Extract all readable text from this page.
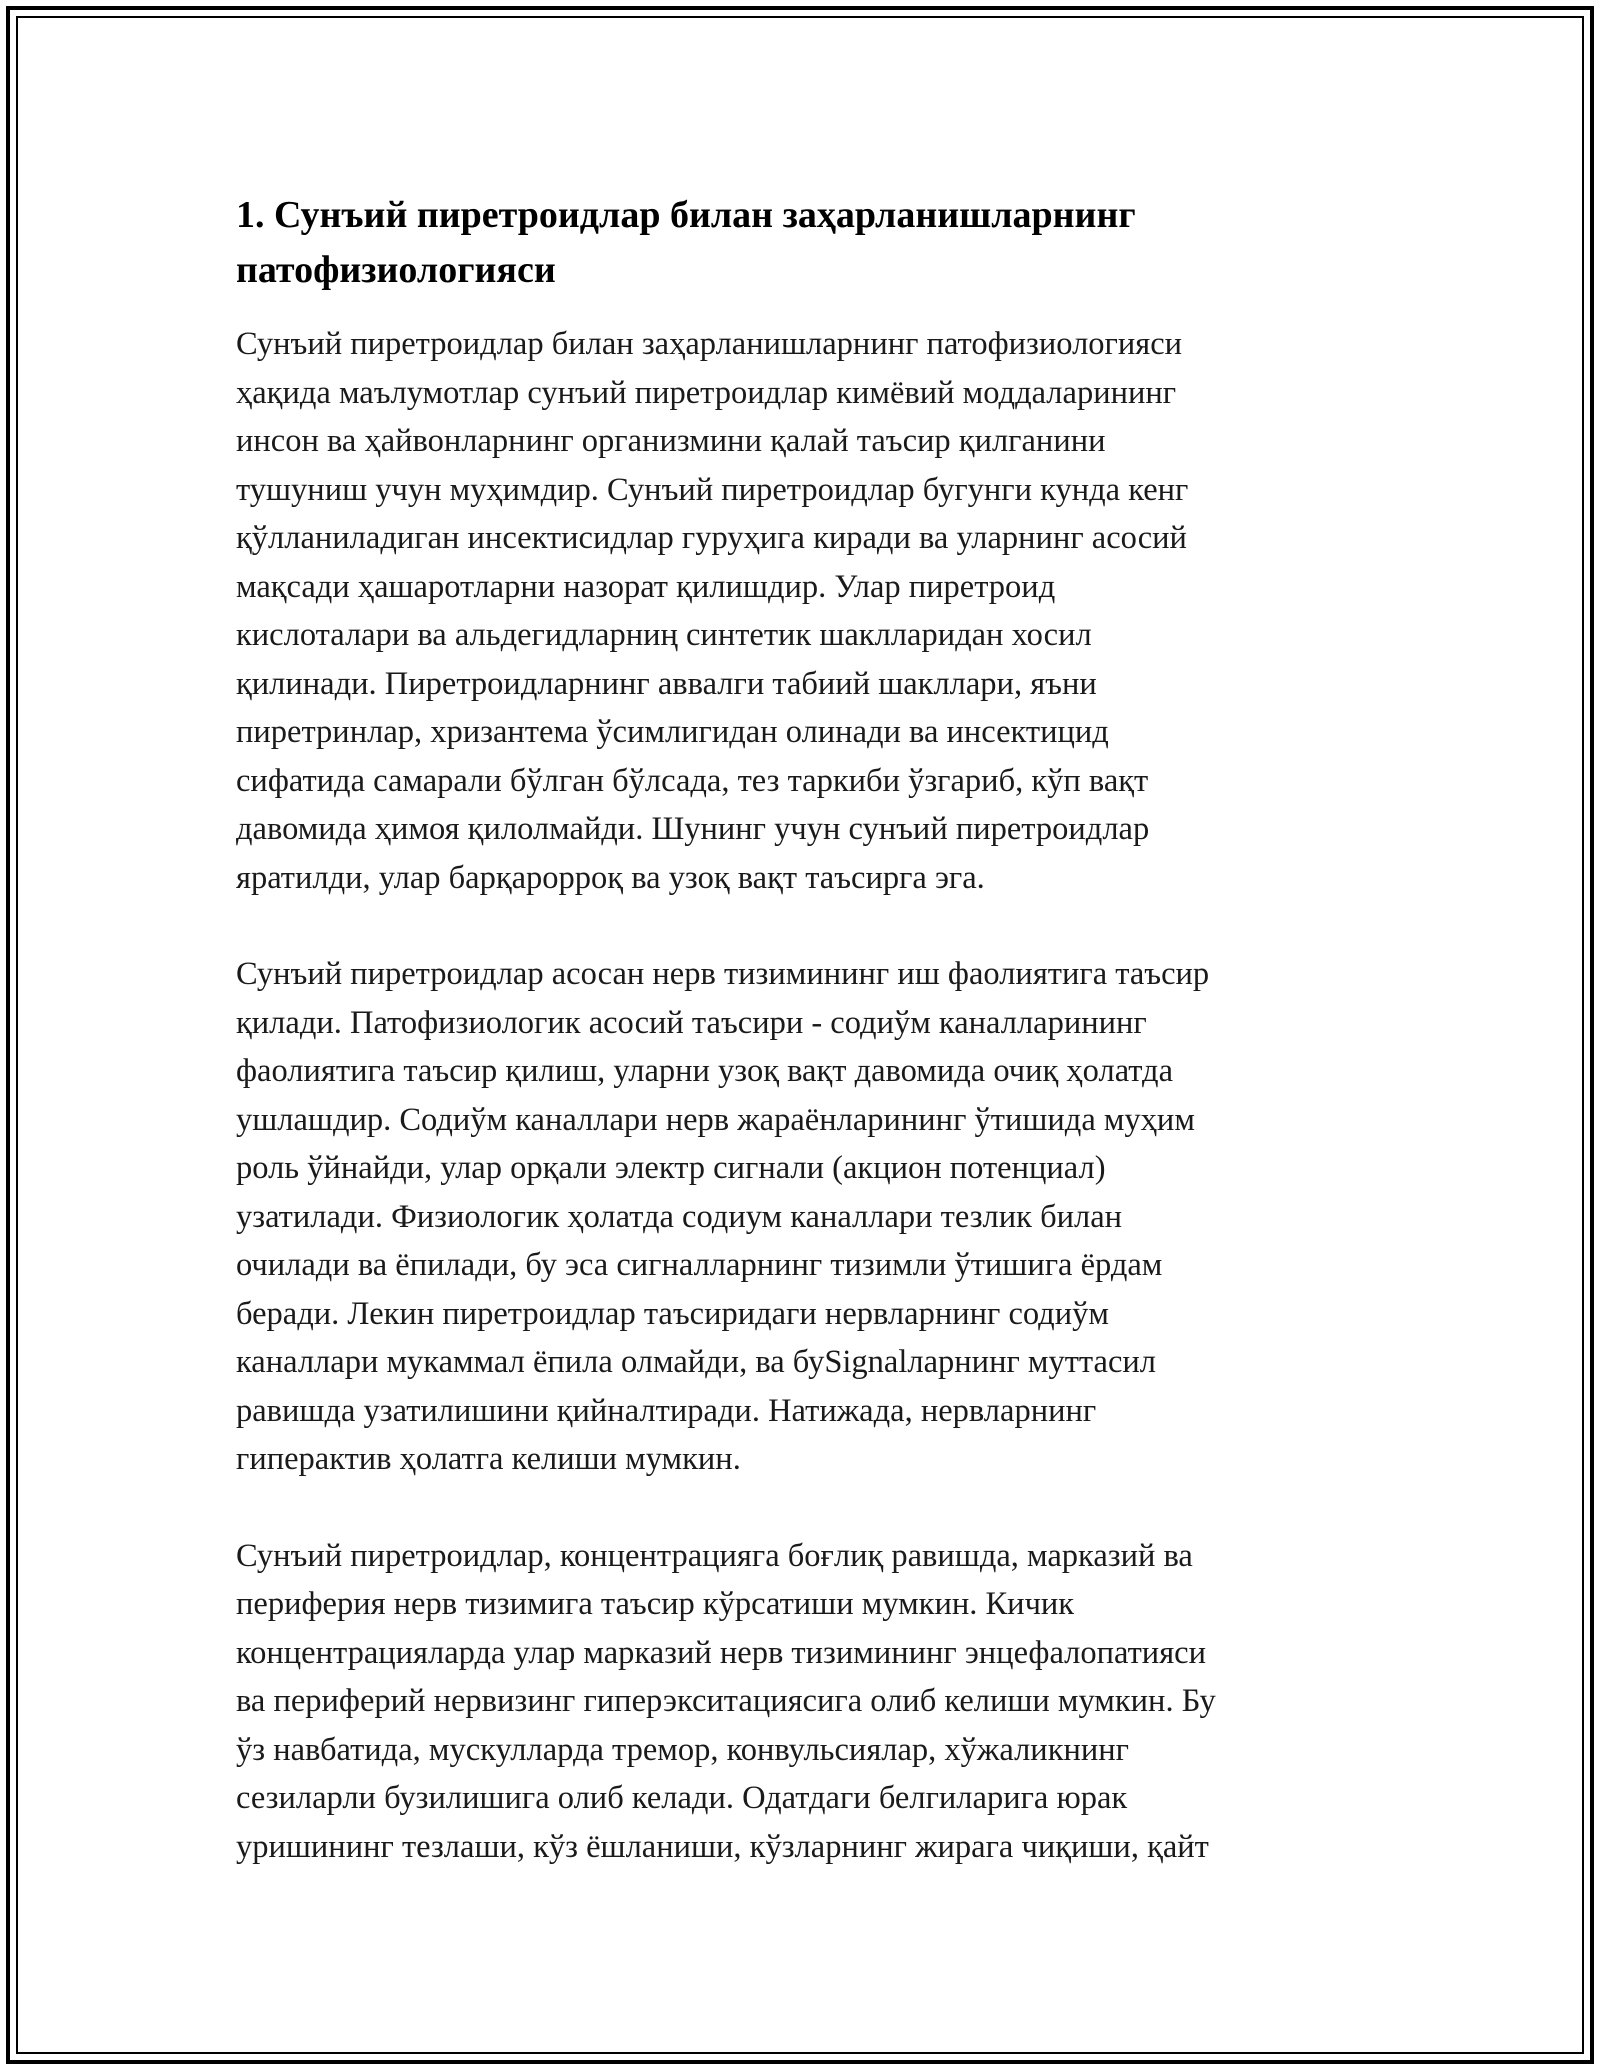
1. Сунъий пиретроидлар билан заҳарланишларнинг
патофизиологияси

Сунъий пиретроидлар билан заҳарланишларнинг патофизиологияси
ҳақида маълумотлар сунъий пиретроидлар кимёвий моддаларининг
инсон ва ҳайвонларнинг организмини қалай таъсир қилганини
тушуниш учун муҳимдир. Сунъий пиретроидлар бугунги кунда кенг
қўлланиладиган инсектисидлар гуруҳига киради ва уларнинг асосий
мақсади ҳашаротларни назорат қилишдир. Улар пиретроид
кислоталари ва альдегидларниң синтетик шаклларидан хосил
қилинади. Пиретроидларнинг аввалги табиий шакллари, яъни
пиретринлар, хризантема ўсимлигидан олинади ва инсектицид
сифатида самарали бўлган бўлсада, тез таркиби ўзгариб, кўп вақт
давомида ҳимоя қилолмайди. Шунинг учун сунъий пиретроидлар
яратилди, улар барқарорроқ ва узоқ вақт таъсирга эга.

Сунъий пиретроидлар асосан нерв тизимининг иш фаолиятига таъсир
қилади. Патофизиологик асосий таъсири - содиўм каналларининг
фаолиятига таъсир қилиш, уларни узоқ вақт давомида очиқ ҳолатда
ушлашдир. Содиўм каналлари нерв жараёнларининг ўтишида муҳим
роль ўйнайди, улар орқали электр сигнали (акцион потенциал)
узатилади. Физиологик ҳолатда содиум каналлари тезлик билан
очилади ва ёпилади, бу эса сигналларнинг тизимли ўтишига ёрдам
беради. Лекин пиретроидлар таъсиридаги нервларнинг содиўм
каналлари мукаммал ёпила олмайди, ва буSignalларнинг муттасил
равишда узатилишини қийналтиради. Натижада, нервларнинг
гиперактив ҳолатга келиши мумкин.

Сунъий пиретроидлар, концентрацияга боғлиқ равишда, марказий ва
периферия нерв тизимига таъсир кўрсатиши мумкин. Кичик
концентрацияларда улар марказий нерв тизимининг энцефалопатияси
ва периферий нервизинг гиперэкситациясига олиб келиши мумкин. Бу
ўз навбатида, мускулларда тремор, конвульсиялар, хўжаликнинг
сезиларли бузилишига олиб келади. Одатдаги белгиларига юрак
уришининг тезлаши, кўз ёшланиши, кўзларнинг жирага чиқиши, қайт
